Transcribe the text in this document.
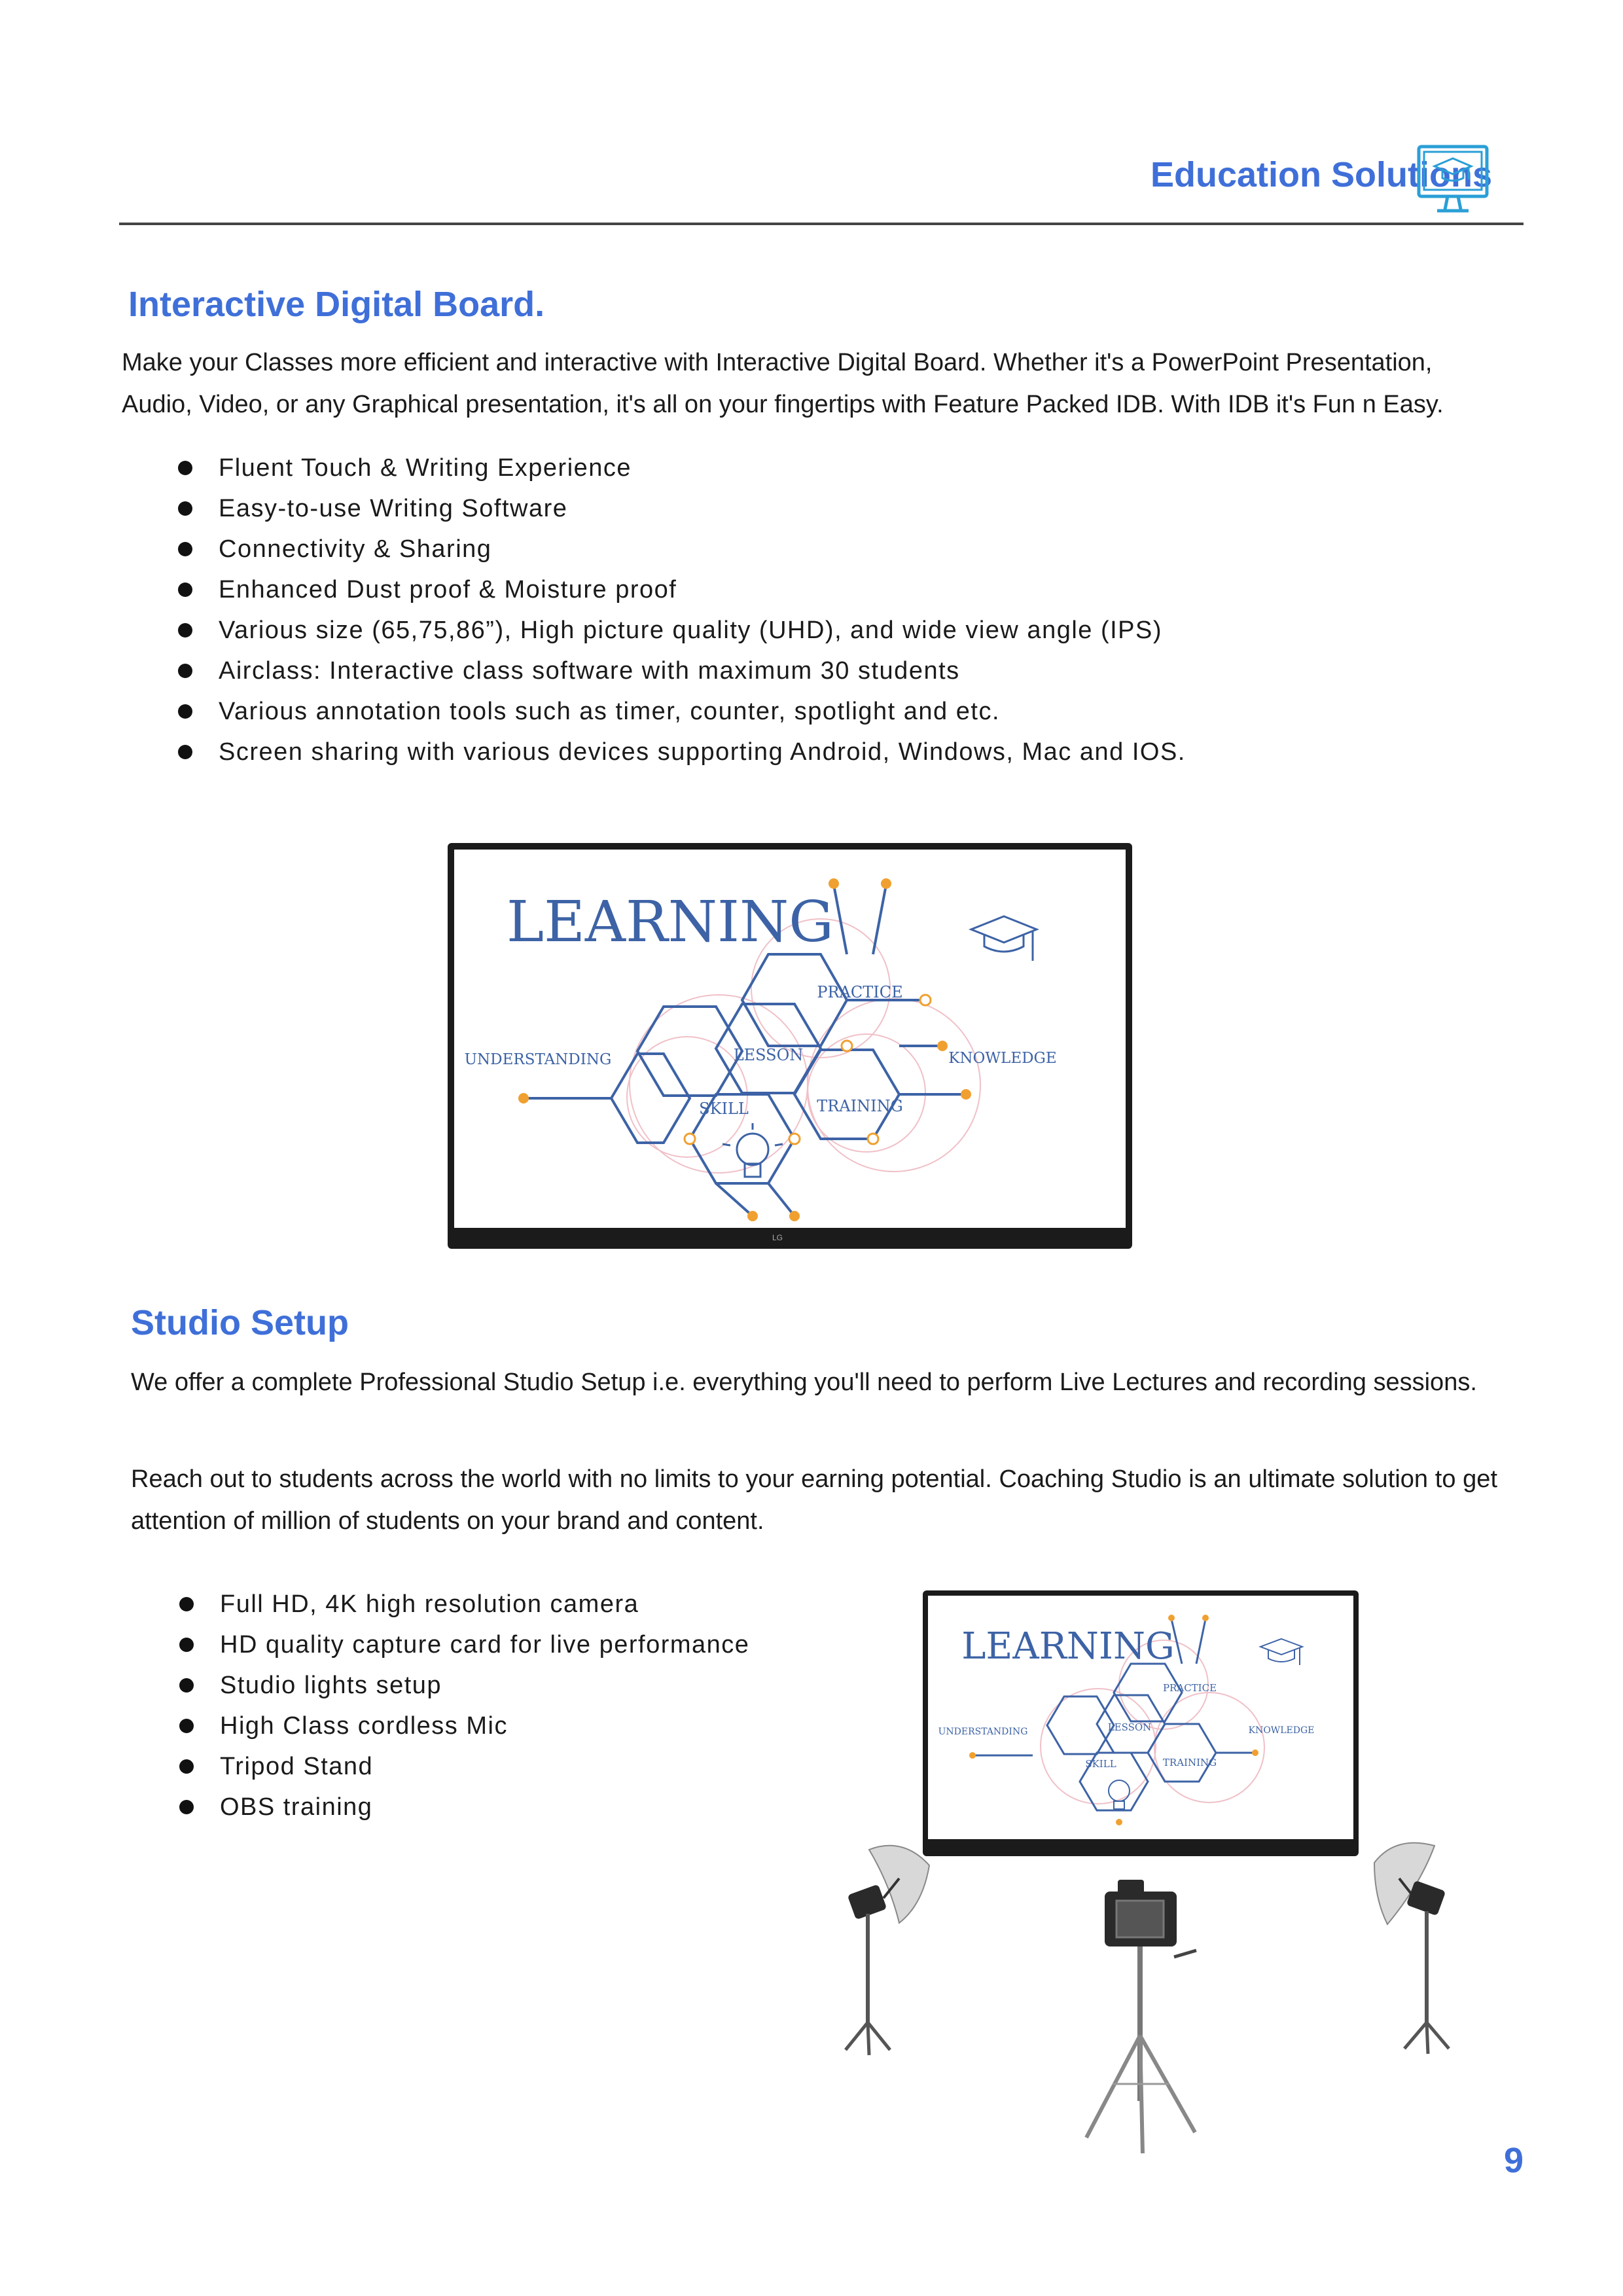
Education Solutions
Interactive Digital Board.
Make your Classes more efficient and interactive with Interactive Digital Board. Whether it's a PowerPoint Presentation,
Audio, Video, or any Graphical presentation, it's all on your fingertips with Feature Packed IDB. With IDB it's Fun n Easy.
Fluent Touch & Writing Experience
Easy-to-use Writing Software
Connectivity & Sharing
Enhanced Dust proof & Moisture proof
Various size (65,75,86”), High picture quality (UHD), and wide view angle (IPS)
Airclass: Interactive class software with maximum 30 students
Various annotation tools such as timer, counter, spotlight and etc.
Screen sharing with various devices supporting Android, Windows, Mac and IOS.
LEARNING
PRACTICE
UNDERSTANDING	LESSON	KNOWLEDGE
SKILL	TRAINING
LG
Studio Setup
We offer a complete Professional Studio Setup i.e. everything you'll need to perform Live Lectures and recording sessions.
Reach out to students across the world with no limits to your earning potential. Coaching Studio is an ultimate solution to get attention of million of students on your brand and content.
Full HD, 4K high resolution camera
HD quality capture card for live performance
Studio lights setup
High Class cordless Mic
Tripod Stand
OBS training
LEARNING
PRACTICE
UNDERSTANDING	LESSON	KNOWLEDGE
SKILL	TRAINING
9
